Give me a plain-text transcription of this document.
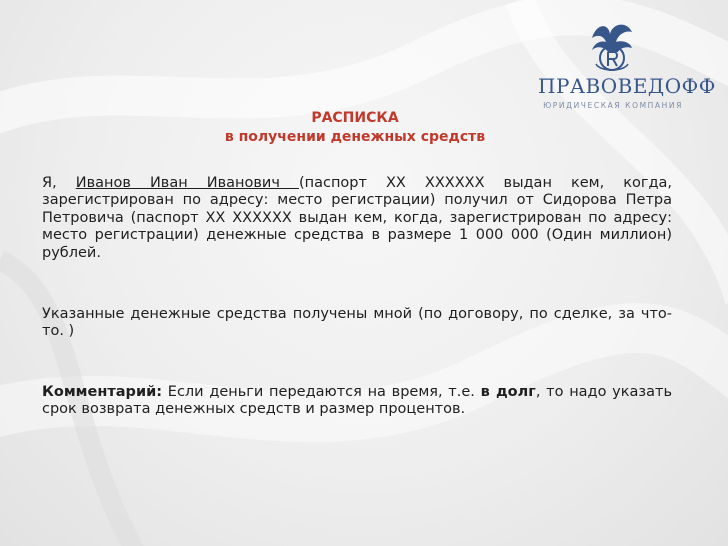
ПРАВОВЕДОФФ
ЮРИДИЧЕСКАЯ КОМПАНИЯ
РАСПИСКА
в получении денежных средств
Я, Иванов Иван Иванович (паспорт XX XXXXXX выдан кем, когда, зарегистрирован по адресу: место регистрации) получил от Сидорова Петра Петровича (паспорт XX XXXXXX выдан кем, когда, зарегистрирован по адресу: место регистрации) денежные средства в размере 1 000 000 (Один миллион) рублей.
Указанные денежные средства получены мной (по договору, по сделке, за что-то. )
Комментарий: Если деньги передаются на время, т.е. в долг, то надо указать срок возврата денежных средств и размер процентов.
